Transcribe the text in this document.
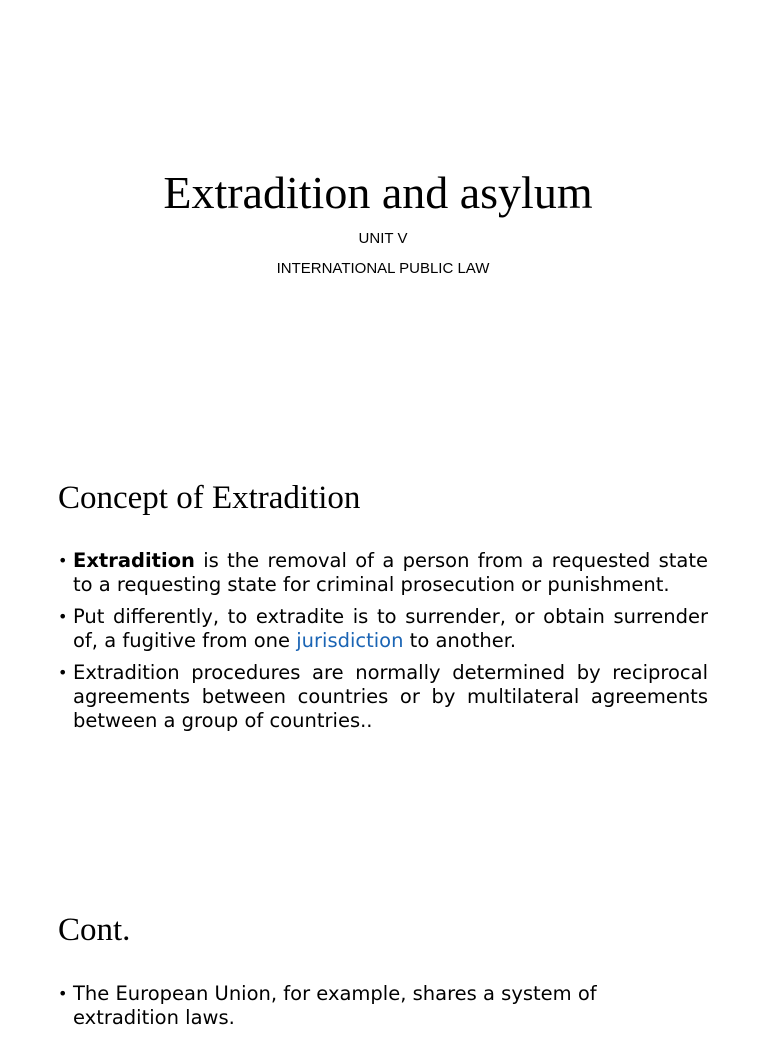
Extradition and asylum

UNIT V

INTERNATIONAL PUBLIC LAW

Concept of Extradition
• Extradition is the removal of a person from a requested state to a requesting state for criminal prosecution or punishment.
• Put differently, to extradite is to surrender, or obtain surrender of, a fugitive from one jurisdiction to another.
• Extradition procedures are normally determined by reciprocal agreements between countries or by multilateral agreements between a group of countries..
Cont.
• The European Union, for example, shares a system of extradition laws.
